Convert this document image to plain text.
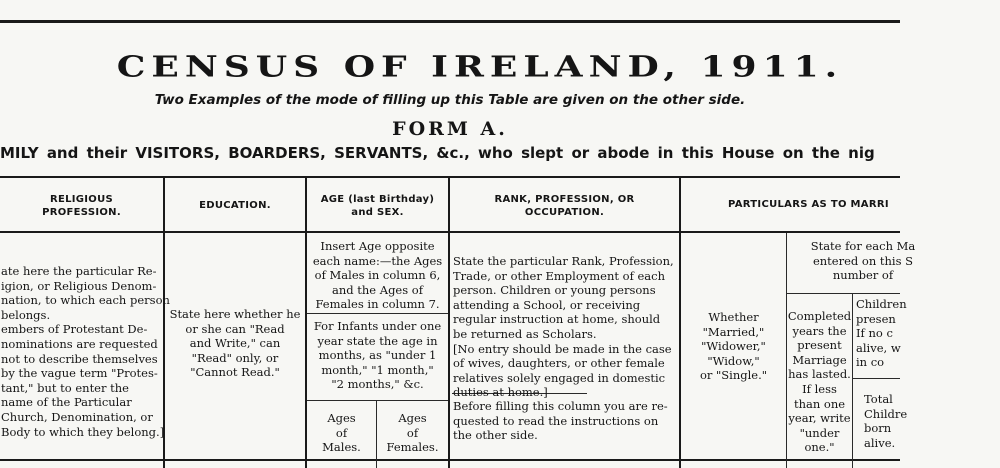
CENSUS OF IRELAND, 1911.
Two Examples of the mode of filling up this Table are given on the other side.
FORM A.
MILY and their VISITORS, BOARDERS, SERVANTS, &c., who slept or abode in this House on the nig
RELIGIOUS
PROFESSION.
EDUCATION.
AGE (last Birthday)
and SEX.
RANK, PROFESSION, OR
OCCUPATION.
PARTICULARS AS TO MARRI
ate here the particular Re-
igion, or Religious Denom-
nation, to which each person
belongs.
embers of Protestant De-
nominations are requested
not to describe themselves
by the vague term "Protes-
tant," but to enter the
name of the Particular
Church, Denomination, or
Body to which they belong.]
State here whether he
or she can "Read
and Write," can
"Read" only, or
"Cannot Read."
Insert Age opposite
each name:—the Ages
of Males in column 6,
and the Ages of
Females in column 7.
For Infants under one
year state the age in
months, as "under 1
month," "1 month,"
"2 months," &c.
Ages
of
Males.
Ages
of
Females.
State the particular Rank, Profession,
Trade, or other Employment of each
person. Children or young persons
attending a School, or receiving
regular instruction at home, should
be returned as Scholars.
[No entry should be made in the case
of wives, daughters, or other female
relatives solely engaged in domestic
duties at home.]
Before filling this column you are re-
quested to read the instructions on
the other side.
Whether
"Married,"
"Widower,"
"Widow,"
or "Single."
State for each Ma
entered on this S
number of
Completed
years the
present
Marriage
has lasted.
If less
than one
year, write
"under
one."
Children
presen
If no c
alive, w
in co
Total
Childre
born
alive.
